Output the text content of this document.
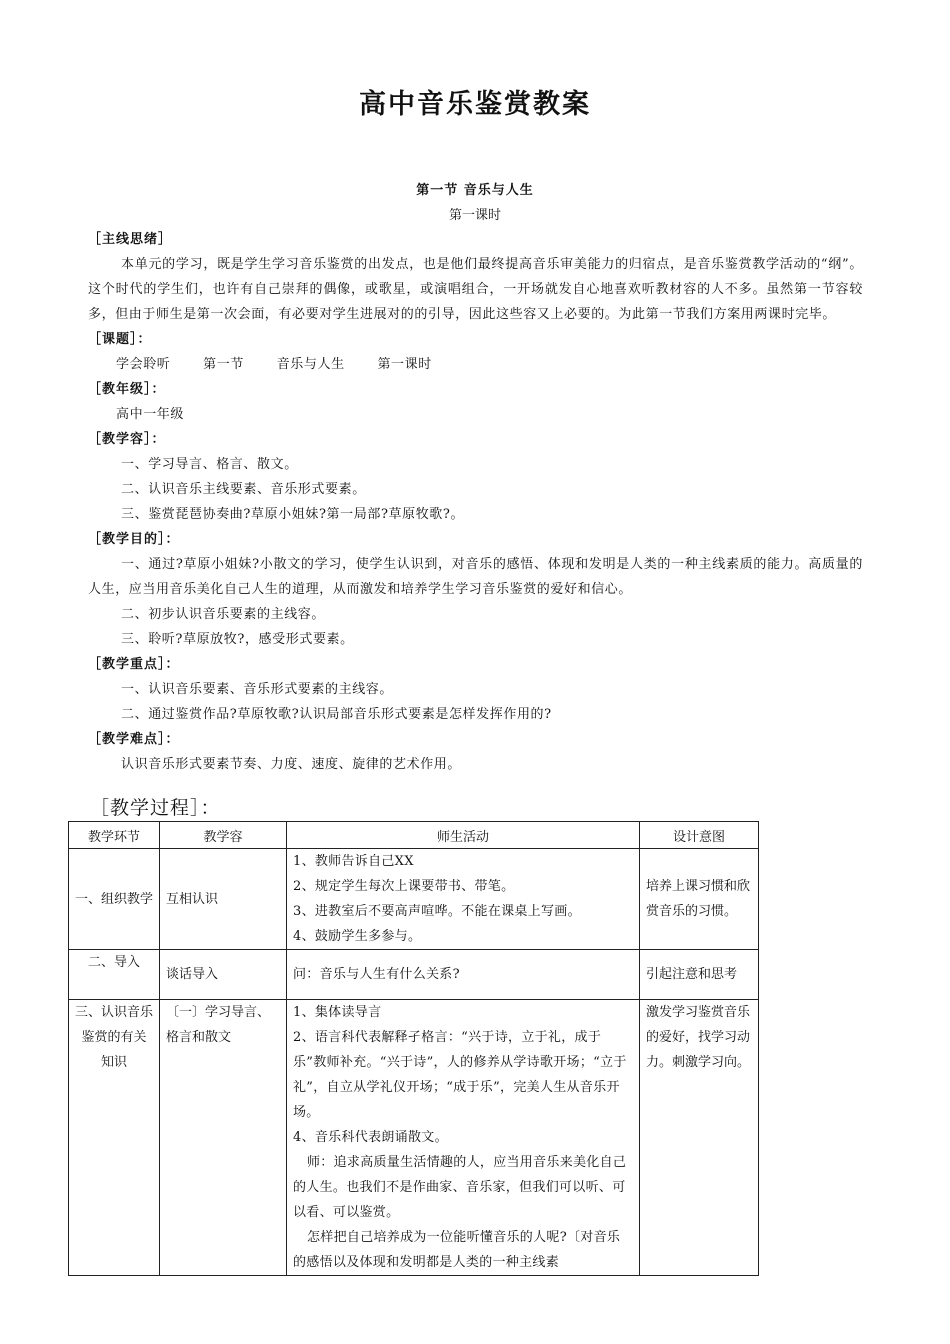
高中音乐鉴赏教案
第一节 音乐与人生
第一课时
［主线思绪］
本单元的学习，既是学生学习音乐鉴赏的出发点，也是他们最终提高音乐审美能力的归宿点，是音乐鉴赏教学活动的“纲”。这个时代的学生们，也许有自己崇拜的偶像，或歌星，或演唱组合，一开场就发自心地喜欢听教材容的人不多。虽然第一节容较多，但由于师生是第一次会面，有必要对学生进展对的的引导，因此这些容又上必要的。为此第一节我们方案用两课时完毕。
［课题］：
学会聆听	第一节	音乐与人生	第一课时
［教年级］：
高中一年级
［教学容］：
一、学习导言、格言、散文。
二、认识音乐主线要素、音乐形式要素。
三、鉴赏琵琶协奏曲?草原小姐妹?第一局部?草原牧歌?。
［教学目的］：
一、通过?草原小姐妹?小散文的学习，使学生认识到，对音乐的感悟、体现和发明是人类的一种主线素质的能力。高质量的人生，应当用音乐美化自己人生的道理，从而激发和培养学生学习音乐鉴赏的爱好和信心。
二、初步认识音乐要素的主线容。
三、聆听?草原放牧?，感受形式要素。
［教学重点］：
一、认识音乐要素、音乐形式要素的主线容。
二、通过鉴赏作品?草原牧歌?认识局部音乐形式要素是怎样发挥作用的?
［教学难点］：
认识音乐形式要素节奏、力度、速度、旋律的艺术作用。
［教学过程］：
教学环节	教学容	师生活动	设计意图
一、组织教学	互相认识	1、教师告诉自己XX
2、规定学生每次上课要带书、带笔。
3、进教室后不要高声喧哗。不能在课桌上写画。
4、鼓励学生多参与。	培养上课习惯和欣赏音乐的习惯。
二、导入	谈话导入	问：音乐与人生有什么关系?	引起注意和思考

三、认识音乐鉴赏的有关
知识	〔一〕学习导言、格言和散文	1、集体读导言
2、语言科代表解释孑格言：“兴于诗，立于礼，成于乐”教师补充。“兴于诗”，人的修养从学诗歌开场；“立于礼”，自立从学礼仪开场；“成于乐”，完美人生从音乐开场。
4、音乐科代表朗诵散文。
师：追求高质量生活情趣的人，应当用音乐来美化自己的人生。也我们不是作曲家、音乐家，但我们可以听、可以看、可以鉴赏。
怎样把自己培养成为一位能听懂音乐的人呢?〔对音乐的感悟以及体现和发明都是人类的一种主线素	激发学习鉴赏音乐的爱好，找学习动力。刺激学习向。
